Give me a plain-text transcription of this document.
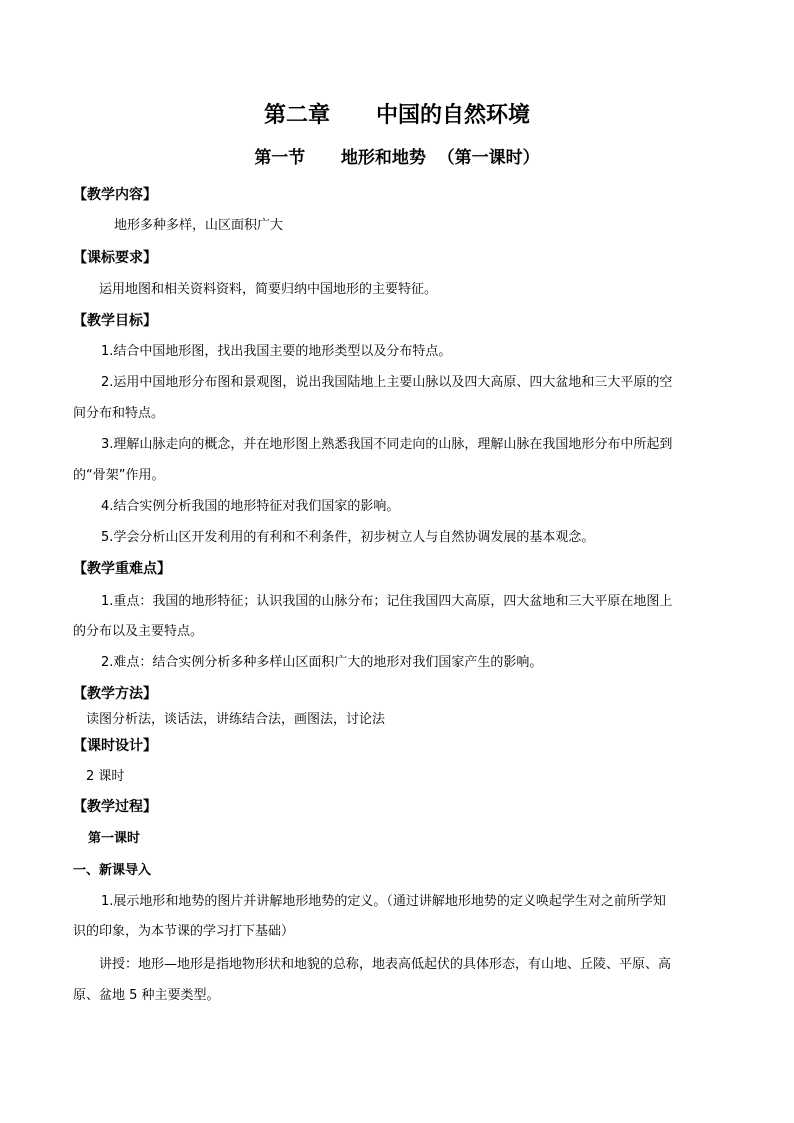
第二章      中国的自然环境
第一节      地形和地势  （第一课时）
【教学内容】
地形多种多样，山区面积广大
【课标要求】
运用地图和相关资料资料，简要归纳中国地形的主要特征。
【教学目标】
1.结合中国地形图，找出我国主要的地形类型以及分布特点。
2.运用中国地形分布图和景观图，说出我国陆地上主要山脉以及四大高原、四大盆地和三大平原的空
间分布和特点。
3.理解山脉走向的概念，并在地形图上熟悉我国不同走向的山脉，理解山脉在我国地形分布中所起到
的“骨架”作用。
4.结合实例分析我国的地形特征对我们国家的影响。
5.学会分析山区开发利用的有利和不利条件，初步树立人与自然协调发展的基本观念。
【教学重难点】
1.重点：我国的地形特征；认识我国的山脉分布；记住我国四大高原，四大盆地和三大平原在地图上
的分布以及主要特点。
2.难点：结合实例分析多种多样山区面积广大的地形对我们国家产生的影响。
【教学方法】
读图分析法，谈话法，讲练结合法，画图法，讨论法
【课时设计】
2 课时
【教学过程】
第一课时
一、新课导入
1.展示地形和地势的图片并讲解地形地势的定义。（通过讲解地形地势的定义唤起学生对之前所学知
识的印象，为本节课的学习打下基础）
讲授：地形—地形是指地物形状和地貌的总称，地表高低起伏的具体形态，有山地、丘陵、平原、高
原、盆地 5 种主要类型。
